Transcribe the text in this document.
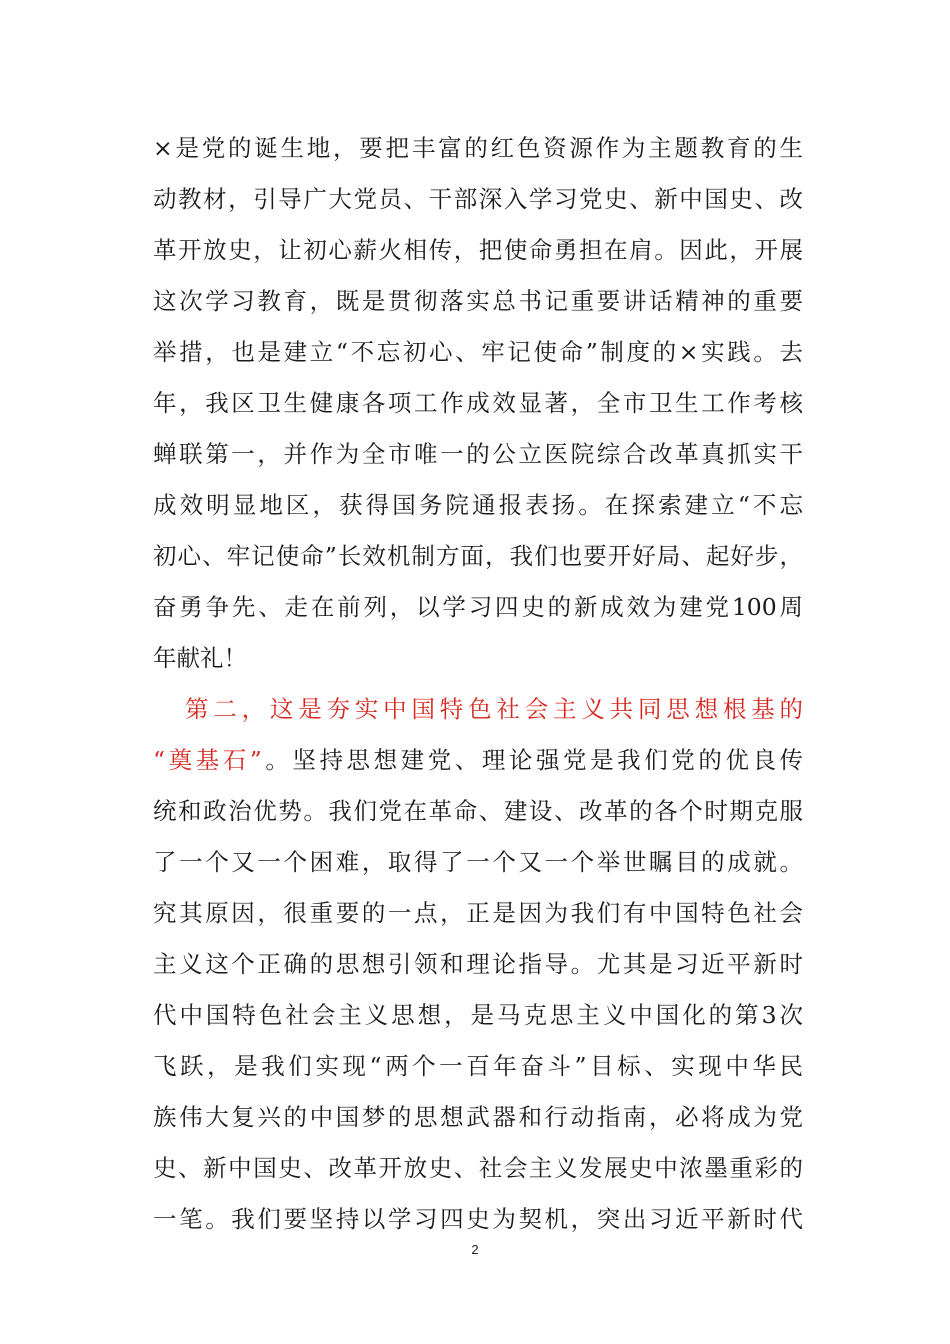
×是党的诞生地，要把丰富的红色资源作为主题教育的生
动教材，引导广大党员、干部深入学习党史、新中国史、改
革开放史，让初心薪火相传，把使命勇担在肩。因此，开展
这次学习教育，既是贯彻落实总书记重要讲话精神的重要
举措，也是建立“不忘初心、牢记使命”制度的×实践。去
年，我区卫生健康各项工作成效显著，全市卫生工作考核
蝉联第一，并作为全市唯一的公立医院综合改革真抓实干
成效明显地区，获得国务院通报表扬。在探索建立“不忘
初心、牢记使命”长效机制方面，我们也要开好局、起好步，
奋勇争先、走在前列，以学习四史的新成效为建党100周
年献礼！
第二，这是夯实中国特色社会主义共同思想根基的
“奠基石”。坚持思想建党、理论强党是我们党的优良传
统和政治优势。我们党在革命、建设、改革的各个时期克服
了一个又一个困难，取得了一个又一个举世瞩目的成就。
究其原因，很重要的一点，正是因为我们有中国特色社会
主义这个正确的思想引领和理论指导。尤其是习近平新时
代中国特色社会主义思想，是马克思主义中国化的第3次
飞跃，是我们实现“两个一百年奋斗”目标、实现中华民
族伟大复兴的中国梦的思想武器和行动指南，必将成为党
史、新中国史、改革开放史、社会主义发展史中浓墨重彩的
一笔。我们要坚持以学习四史为契机，突出习近平新时代
2
